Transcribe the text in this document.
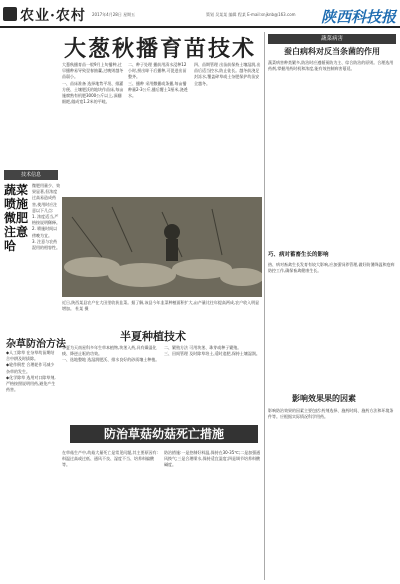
农业·农村 2017年4月28日 星期五	策划 吴某某 编辑 程某 E-mail:snjknb@163.com 陕西科技报
大葱秋播育苗技术
大葱秋播育苗一般9月上旬播种,过早播种易导致翌春抽薹,过晚则越冬苗弱小。
一、苗床准备 选择地势平坦、排灌方便、土壤肥沃的地块作苗床,每亩施腐熟有机肥3000公斤以上,深翻细耙,做成宽1.2米的平畦。
二、种子处理 播前用清水浸种12小时,捞出晾干后播种,可促进出苗整齐。
三、播种 采用撒播或条播,每亩播种量2-3公斤,播后覆土1厘米,浇透水。
四、苗期管理 出苗前保持土壤湿润,出苗后适当控水,防止徒长。越冬前浇足封冻水,覆盖碎草或土杂肥保护幼苗安全越冬。
技术信息
蔬菜喷施微肥注意哈
微肥用量少、效果显著,但浓度过高易造成药害,使用时应注意以下几点:
1. 浓度适当,严格按说明稀释。
2. 喷施时间以傍晚为宜。
3. 注意与农药混用的相容性。
近日,陕西某县农户在大田里收获韭菜。据了解,该县今年韭菜种植面积扩大,亩产量比往年提高两成,农户收入明显增加。 杜某 摄
半夏种植技术
半夏为天南星科多年生草本植物,块茎入药,具有燥湿化痰、降逆止呕的功效。
一、选地整地 选湿润肥沃、排水良好的砂质壤土种植。
二、繁殖方法 可用块茎、珠芽或种子繁殖。
三、田间管理 及时除草培土,适时追肥,保持土壤湿润。
杂草防治方法
◆人工除草 在杂草幼苗期结合中耕及时拔除。
◆轮作倒茬 合理轮作可减少杂草的发生。
◆化学除草 选用对口除草剂,严格按照说明用药,避免产生药害。
防治草菇幼菇死亡措施
在草菇生产中,幼菇大量死亡是常见问题,其主要原因有:料温过高或过低、通风不良、湿度不当、培养料偏酸等。
防治措施:一是控制好料温,保持在30-35℃;二是加强通风换气;三是合理喷水,保持适宜湿度;四是调节培养料酸碱度。
蔬菜病害
蚕白病科对反当条菌的作用
蔬菜病害种类繁多,防治时应遵循预防为主、综合防治的原则。合理选用药剂,掌握用药时机和浓度,能有效控制病害蔓延。
巧、病对蓄畜生长的影响
热、病对畜禽生长发育有较大影响,应加强饲养管理,做好防暑降温和疫病防控工作,确保畜禽健康生长。
影响效果果的因素
影响防治效果的因素主要包括:药剂选择、施药时间、施药方法和环境条件等。应根据实际情况科学用药。
